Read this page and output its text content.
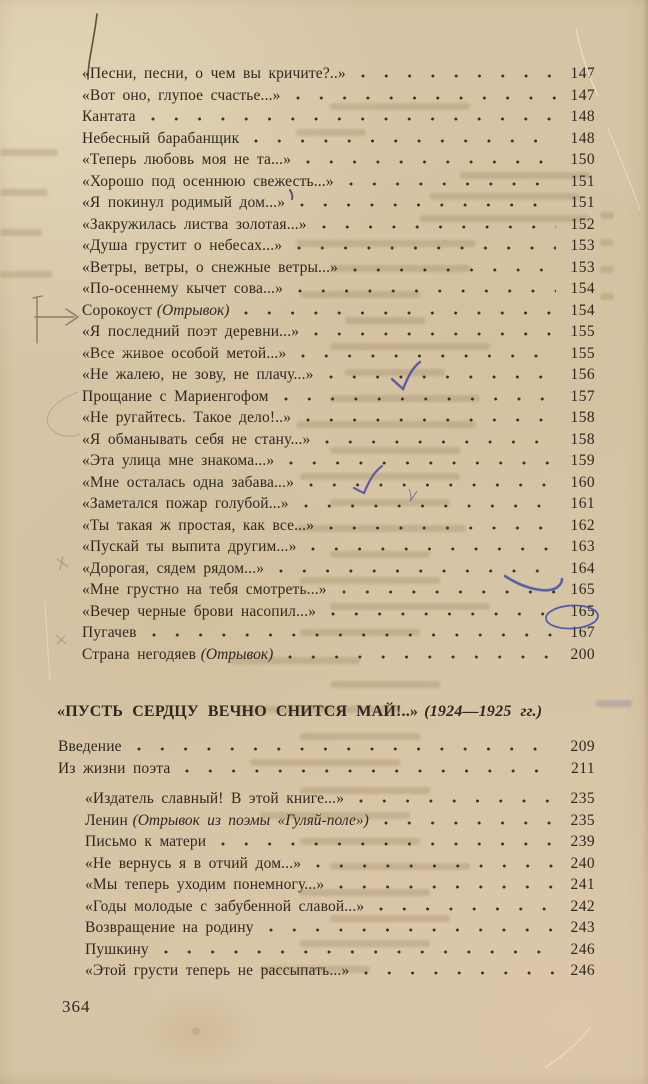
«Песни, песни, о чем вы кричите?..»	147
«Вот оно, глупое счастье...»	147
Кантата	148
Небесный барабанщик	148
«Теперь любовь моя не та...»	150
«Хорошо под осеннюю свежесть...»	151
«Я покинул родимый дом...»	151
«Закружилась листва золотая...»	152
«Душа грустит о небесах...»	153
«Ветры, ветры, о снежные ветры...»	153
«По-осеннему кычет сова...»	154
Сорокоуст (Отрывок)	154
«Я последний поэт деревни...»	155
«Все живое особой метой...»	155
«Не жалею, не зову, не плачу...»	156
Прощание с Мариенгофом	157
«Не ругайтесь. Такое дело!..»	158
«Я обманывать себя не стану...»	158
«Эта улица мне знакома...»	159
«Мне осталась одна забава...»	160
«Заметался пожар голубой...»	161
«Ты такая ж простая, как все...»	162
«Пускай ты выпита другим...»	163
«Дорогая, сядем рядом...»	164
«Мне грустно на тебя смотреть...»	165
«Вечер черные брови насопил...»	165
Пугачев	167
Страна негодяев (Отрывок)	200
«ПУСТЬ СЕРДЦУ ВЕЧНО СНИТСЯ МАЙ!..» (1924—1925 гг.)
Введение	209
Из жизни поэта	211
«Издатель славный! В этой книге...»	235
Ленин (Отрывок из поэмы «Гуляй-поле»)	235
Письмо к матери	239
«Не вернусь я в отчий дом...»	240
«Мы теперь уходим понемногу...»	241
«Годы молодые с забубенной славой...»	242
Возвращение на родину	243
Пушкину	246
«Этой грусти теперь не рассыпать...»	246
364
